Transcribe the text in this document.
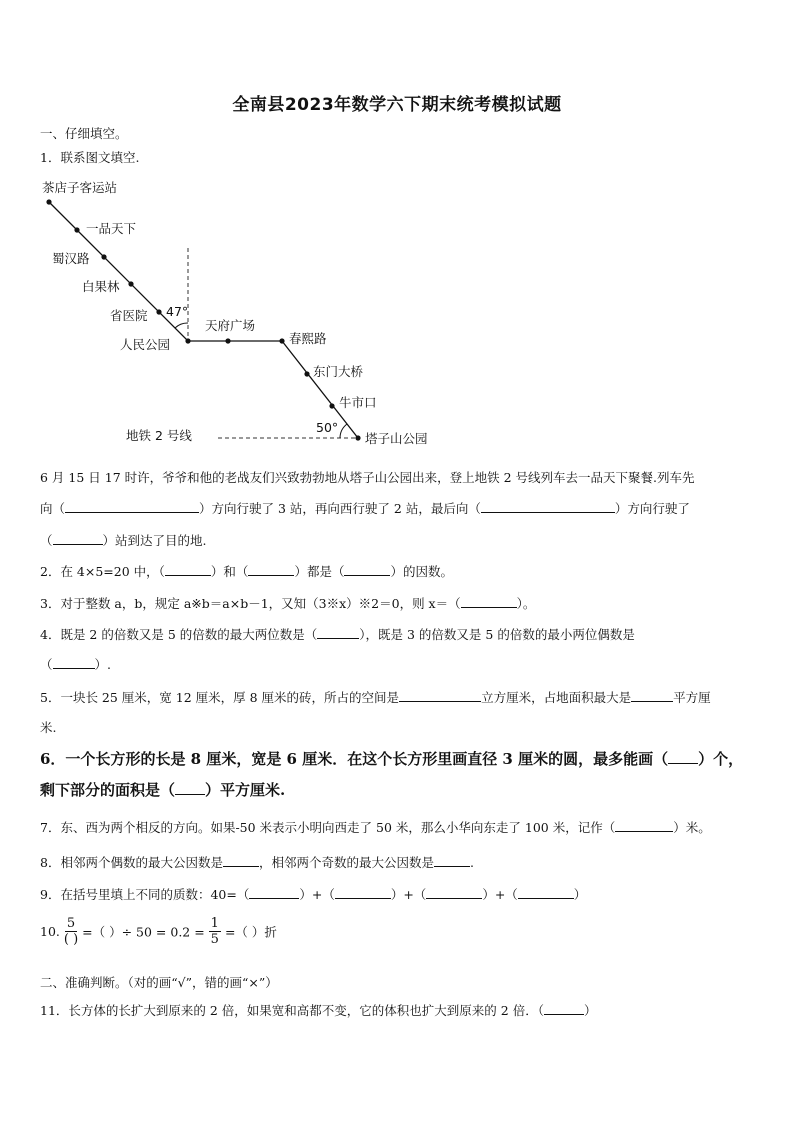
全南县2023年数学六下期末统考模拟试题
一、仔细填空。
1．联系图文填空.
茶店子客运站
一品天下
蜀汉路
白果林
省医院
人民公园
天府广场
春熙路
东门大桥
牛市口
塔子山公园
47°
50°
地铁 2 号线
6 月 15 日 17 时许，爷爷和他的老战友们兴致勃勃地从塔子山公园出来，登上地铁 2 号线列车去一品天下聚餐.列车先
向（	）方向行驶了 3 站，再向西行驶了 2 站，最后向（	）方向行驶了
（	）站到达了目的地.
2．在 4×5=20 中，（	）和（	）都是（	）的因数。
3．对于整数 a，b，规定 a※b＝a×b－1，又知（3※x）※2＝0，则 x＝（	）。
4．既是 2 的倍数又是 5 的倍数的最大两位数是（	），既是 3 的倍数又是 5 的倍数的最小两位偶数是
（	）.
5．一块长 25 厘米，宽 12 厘米，厚 8 厘米的砖，所占的空间是	立方厘米，占地面积最大是	平方厘
米.
6．一个长方形的长是 8 厘米，宽是 6 厘米．在这个长方形里画直径 3 厘米的圆，最多能画（ ）个，
剩下部分的面积是（ ）平方厘米.
7．东、西为两个相反的方向。如果-50 米表示小明向西走了 50 米，那么小华向东走了 100 米，记作（	）米。
8．相邻两个偶数的最大公因数是	，相邻两个奇数的最大公因数是	.
9．在括号里填上不同的质数：40=（	）+（	）+（	）+（	）
10. $\frac{5}{( )}$ =（ ）÷ $50 = 0.2 = \frac{1}{5}$ =（ ）折
二、准确判断。（对的画“√”，错的画“×”）
11．长方体的长扩大到原来的 2 倍，如果宽和高都不变，它的体积也扩大到原来的 2 倍．（	）
